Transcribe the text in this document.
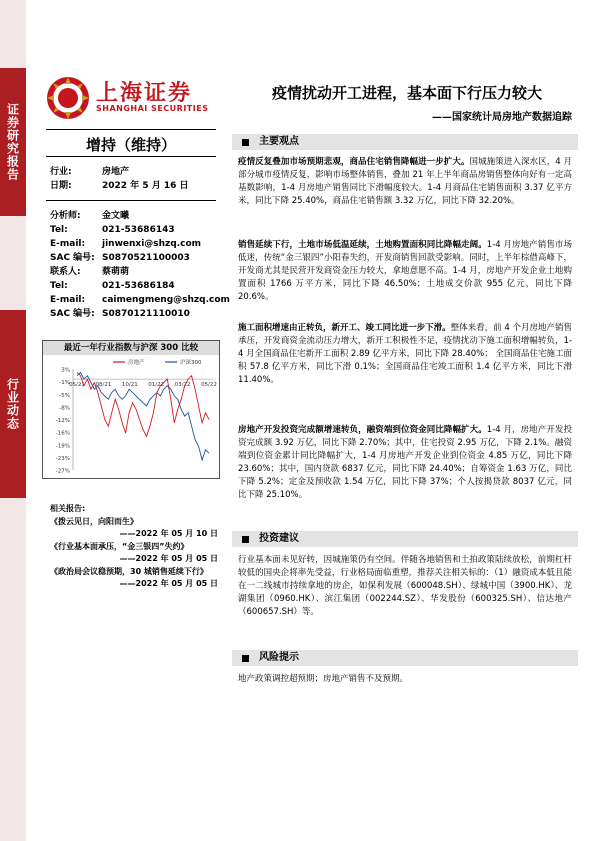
证券研究报告
行业动态
上海证券
SHANGHAI SECURITIES
增持（维持）
行业:	房地产
日期:	2022 年 5 月 16 日
分析师: 金文曦
Tel:	021-53686143
E-mail: jinwenxi@shzq.com
SAC 编号: S0870521100003
联系人: 蔡萌萌
Tel:	021-53686184
E-mail: caimengmeng@shzq.com
SAC 编号: S0870121110010
最近一年行业指数与沪深 300 比较
3%
-1%
-5%
-8%
-12%
-16%
-19%
-23%
-27%
05/21 08/21 10/21 01/22 03/22 05/22
房地产	沪深300
相关报告:
《拨云见日，向阳而生》
——2022 年 05 月 10 日
《行业基本面承压，“金三银四”失约》
——2022 年 05 月 05 日
《政治局会议稳预期，30 城销售延续下行》
——2022 年 05 月 05 日
疫情扰动开工进程，基本面下行压力较大
——国家统计局房地产数据追踪
主要观点
疫情反复叠加市场预期悲观，商品住宅销售降幅进一步扩大。国城施策进入深水区，4 月部分城市疫情反复，影响市场整体销售，叠加 21 年上半年商品房销售整体向好有一定高基数影响，1-4 月房地产销售同比下滑幅度较大。1-4 月商品住宅销售面积 3.37 亿平方米，同比下降 25.40%，商品住宅销售额 3.32 万亿，同比下降 32.20%。
销售延续下行，土地市场低温延续，土地购置面积同比降幅走阔。1-4 月房地产销售市场低迷，传统“金三银四”小阳春失约，开发商销售回款受影响。同时，上半年棕借高峰下，开发商尤其是民营开发商资金压力较大，拿地意愿不高。1-4 月，房地产开发企业土地购置面积 1766 万平方米，同比下降 46.50%；土地成交价款 955 亿元，同比下降 20.6%。
施工面积增速由正转负，新开工、竣工同比进一步下滑。整体来看，前 4 个月房地产销售承压，开发商资金流动压力增大，新开工积极性不足，疫情扰动下施工面积增幅转负，1-4 月全国商品住宅新开工面积 2.89 亿平方米，同比下降 28.40%； 全国商品住宅施工面积 57.8 亿平方米，同比下滑 0.1%；全国商品住宅竣工面积 1.4 亿平方米，同比下滑 11.40%。
房地产开发投资完成额增速转负，融资端到位资金同比降幅扩大。1-4 月，房地产开发投资完成额 3.92 万亿，同比下降 2.70%；其中，住宅投资 2.95 万亿，下降 2.1%。融资端到位资金累计同比降幅扩大，1-4 月房地产开发企业到位资金 4.85 万亿，同比下降 23.60%；其中，国内贷款 6837 亿元，同比下降 24.40%；自筹资金 1.63 万亿，同比下降 5.2%；定金及预收款 1.54 万亿，同比下降 37%；个人按揭贷款 8037 亿元，同比下降 25.10%。
投资建议
行业基本面未见好转，因城施策仍有空间。伴随各地销售和土拍政策陆续放松，前期杠杆较低的国央企将率先受益，行业格局面临重塑，推荐关注相关标的：（1）融资成本低且能在一二线城市持续拿地的房企，如保利发展（600048.SH）、绿城中国（3900.HK）、龙湖集团（0960.HK）、滨江集团（002244.SZ）、华发股份（600325.SH）、信达地产（600657.SH）等。
风险提示
地产政策调控超预期；房地产销售不及预期。
